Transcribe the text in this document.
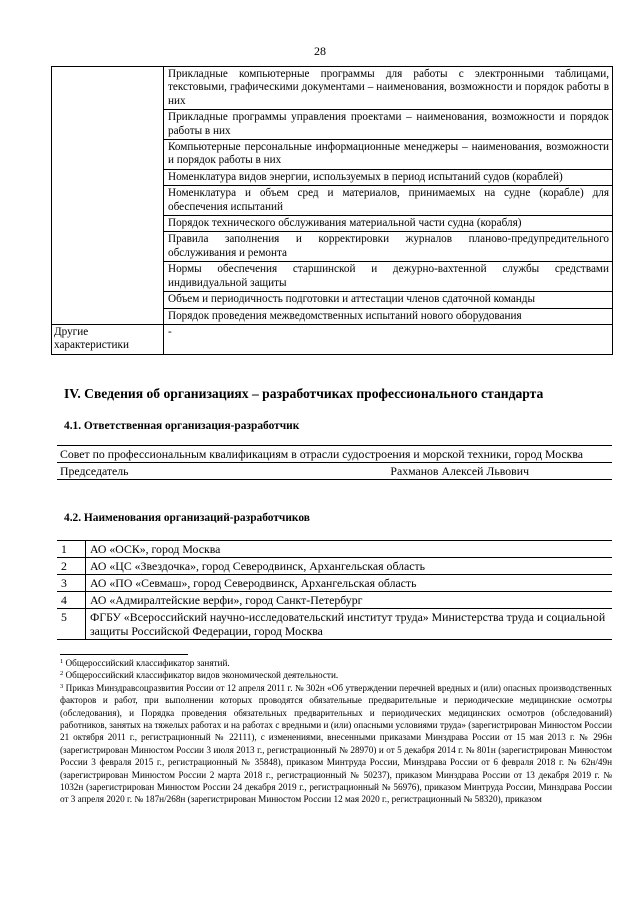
28
	Прикладные компьютерные программы для работы с электронными таблицами, текстовыми, графическими документами – наименования, возможности и порядок работы в них
	Прикладные программы управления проектами – наименования, возможности и порядок работы в них
	Компьютерные персональные информационные менеджеры – наименования, возможности и порядок работы в них
	Номенклатура видов энергии, используемых в период испытаний судов (кораблей)
	Номенклатура и объем сред и материалов, принимаемых на судне (корабле) для обеспечения испытаний
	Порядок технического обслуживания материальной части судна (корабля)
	Правила заполнения и корректировки журналов планово-предупредительного обслуживания и ремонта
	Нормы обеспечения старшинской и дежурно-вахтенной службы средствами индивидуальной защиты
	Объем и периодичность подготовки и аттестации членов сдаточной команды
	Порядок проведения межведомственных испытаний нового оборудования
Другие характеристики	-
IV. Сведения об организациях – разработчиках профессионального стандарта
4.1. Ответственная организация-разработчик
Совет по профессиональным квалификациям в отрасли судостроения и морской техники, город Москва
Председатель	Рахманов Алексей Львович
4.2. Наименования организаций-разработчиков
1	АО «ОСК», город Москва
2	АО «ЦС «Звездочка», город Северодвинск, Архангельская область
3	АО «ПО «Севмаш», город Северодвинск, Архангельская область
4	АО «Адмиралтейские верфи», город Санкт-Петербург
5	ФГБУ «Всероссийский научно-исследовательский институт труда» Министерства труда и социальной защиты Российской Федерации, город Москва

$^1$ Общероссийский классификатор занятий.

$^2$ Общероссийский классификатор видов экономической деятельности.

$^3$ Приказ Минздравсоцразвития России от 12 апреля 2011 г. № 302н «Об утверждении перечней вредных и (или) опасных производственных факторов и работ, при выполнении которых проводятся обязательные предварительные и периодические медицинские осмотры (обследования), и Порядка проведения обязательных предварительных и периодических медицинских осмотров (обследований) работников, занятых на тяжелых работах и на работах с вредными и (или) опасными условиями труда» (зарегистрирован Минюстом России 21 октября 2011 г., регистрационный № 22111), с изменениями, внесенными приказами Минздрава России от 15 мая 2013 г. № 296н (зарегистрирован Минюстом России 3 июля 2013 г., регистрационный № 28970) и от 5 декабря 2014 г. № 801н (зарегистрирован Минюстом России 3 февраля 2015 г., регистрационный № 35848), приказом Минтруда России, Минздрава России от 6 февраля 2018 г. № 62н/49н (зарегистрирован Минюстом России 2 марта 2018 г., регистрационный № 50237), приказом Минздрава России от 13 декабря 2019 г. № 1032н (зарегистрирован Минюстом России 24 декабря 2019 г., регистрационный № 56976), приказом Минтруда России, Минздрава России от 3 апреля 2020 г. № 187н/268н (зарегистрирован Минюстом России 12 мая 2020 г., регистрационный № 58320), приказом
